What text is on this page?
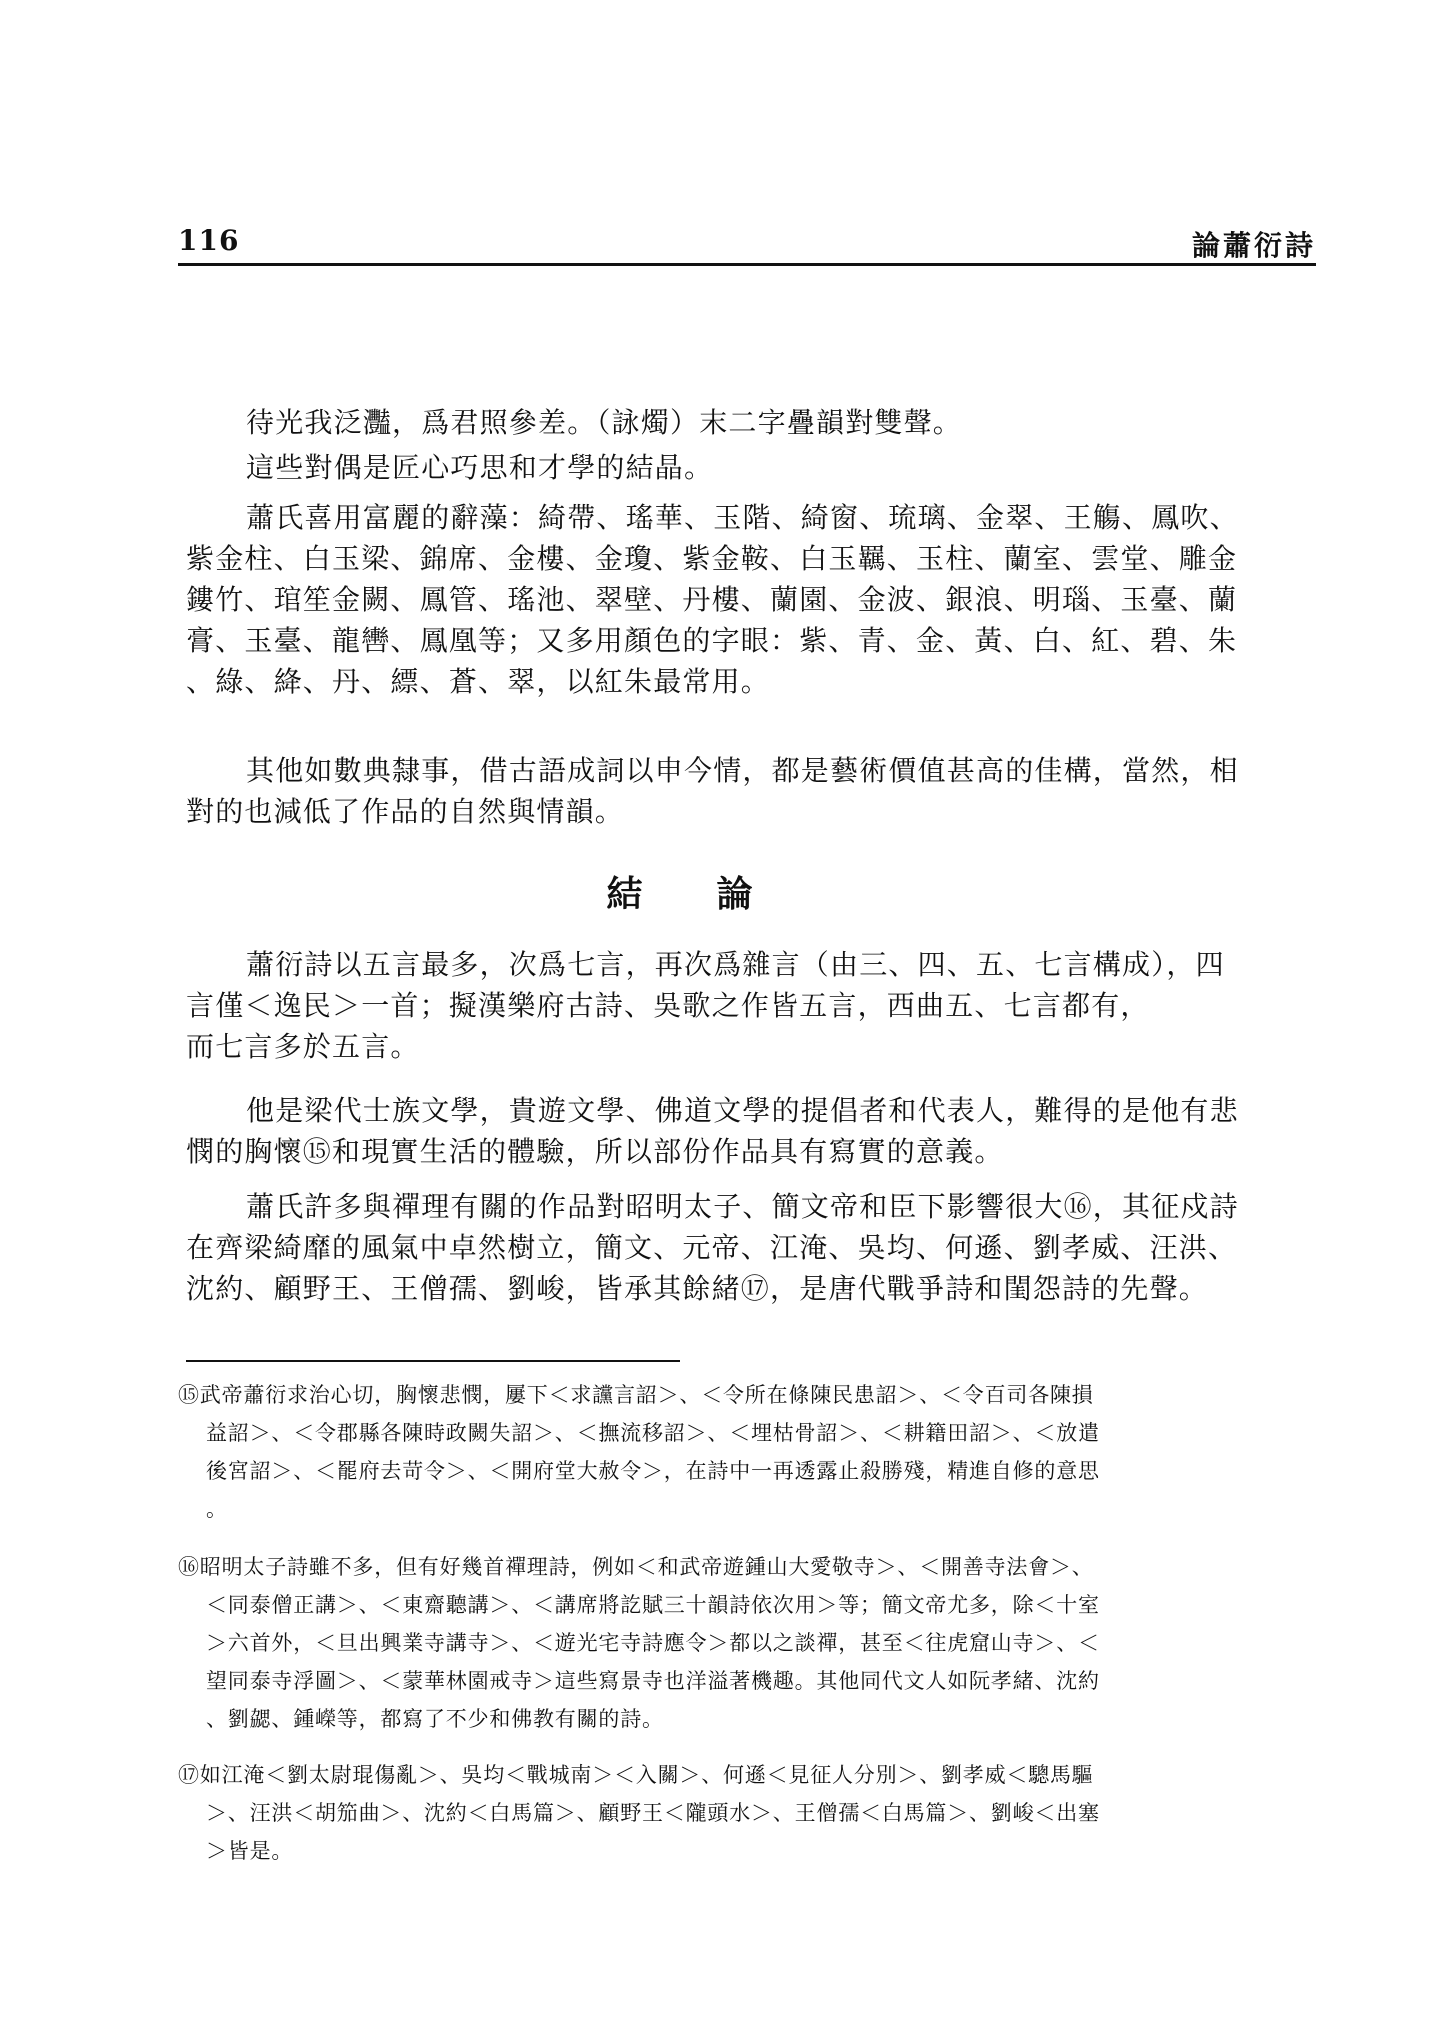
116	論蕭衍詩

待光我泛灩，爲君照參差。（詠燭）末二字疊韻對雙聲。

這些對偶是匠心巧思和才學的結晶。

蕭氏喜用富麗的辭藻：綺帶、瑤華、玉階、綺窗、琉璃、金翠、王觴、鳳吹、
紫金柱、白玉梁、錦席、金樓、金瓊、紫金鞍、白玉羈、玉柱、蘭室、雲堂、雕金
鏤竹、琯笙金闕、鳳管、瑤池、翠壁、丹樓、蘭園、金波、銀浪、明瑙、玉臺、蘭
膏、玉臺、龍轡、鳳凰等；又多用顏色的字眼：紫、青、金、黃、白、紅、碧、朱
、綠、絳、丹、縹、蒼、翠，以紅朱最常用。

其他如數典隸事，借古語成詞以申今情，都是藝術價值甚高的佳構，當然，相
對的也減低了作品的自然與情韻。

結論

蕭衍詩以五言最多，次爲七言，再次爲雜言（由三、四、五、七言構成），四
言僅＜逸民＞一首；擬漢樂府古詩、吳歌之作皆五言，西曲五、七言都有，
而七言多於五言。

他是梁代士族文學，貴遊文學、佛道文學的提倡者和代表人，難得的是他有悲
憫的胸懷⑮和現實生活的體驗，所以部份作品具有寫實的意義。

蕭氏許多與禪理有關的作品對昭明太子、簡文帝和臣下影響很大⑯，其征戍詩
在齊梁綺靡的風氣中卓然樹立，簡文、元帝、江淹、吳均、何遜、劉孝威、汪洪、
沈約、顧野王、王僧孺、劉峻，皆承其餘緒⑰，是唐代戰爭詩和閨怨詩的先聲。

⑮武帝蕭衍求治心切，胸懷悲憫，屢下＜求讜言詔＞、＜令所在條陳民患詔＞、＜令百司各陳損
益詔＞、＜令郡縣各陳時政闕失詔＞、＜撫流移詔＞、＜埋枯骨詔＞、＜耕籍田詔＞、＜放遣
後宮詔＞、＜罷府去苛令＞、＜開府堂大赦令＞，在詩中一再透露止殺勝殘，精進自修的意思
。

⑯昭明太子詩雖不多，但有好幾首禪理詩，例如＜和武帝遊鍾山大愛敬寺＞、＜開善寺法會＞、
＜同泰僧正講＞、＜東齋聽講＞、＜講席將訖賦三十韻詩依次用＞等；簡文帝尤多，除＜十室
＞六首外，＜旦出興業寺講寺＞、＜遊光宅寺詩應令＞都以之談禪，甚至＜往虎窟山寺＞、＜
望同泰寺浮圖＞、＜蒙華林園戒寺＞這些寫景寺也洋溢著機趣。其他同代文人如阮孝緒、沈約
、劉勰、鍾嶸等，都寫了不少和佛教有關的詩。

⑰如江淹＜劉太尉琨傷亂＞、吳均＜戰城南＞＜入關＞、何遜＜見征人分別＞、劉孝威＜驄馬驅
＞、汪洪＜胡笳曲＞、沈約＜白馬篇＞、顧野王＜隴頭水＞、王僧孺＜白馬篇＞、劉峻＜出塞
＞皆是。
